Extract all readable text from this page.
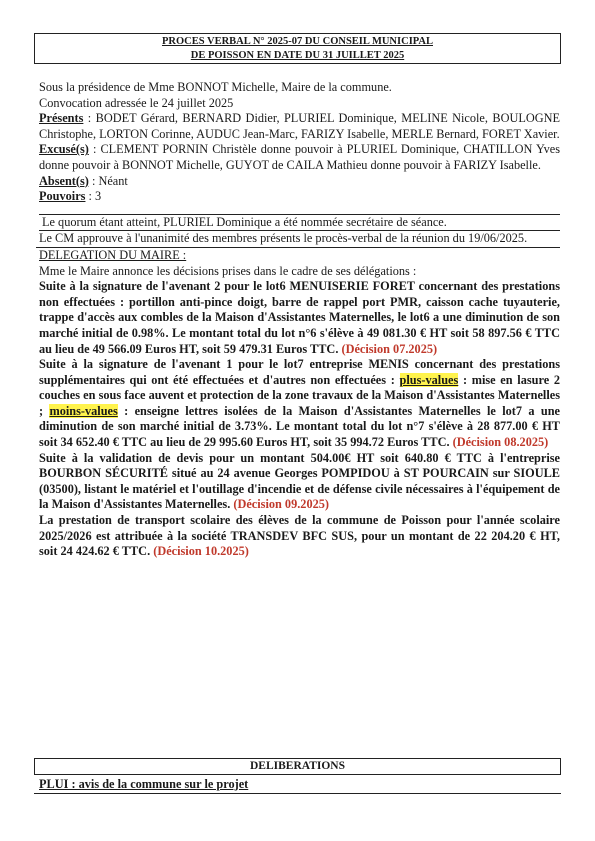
PROCES VERBAL N° 2025-07 DU CONSEIL MUNICIPAL
DE POISSON EN DATE DU 31 JUILLET 2025

Sous la présidence de Mme BONNOT Michelle, Maire de la commune.

Convocation adressée le 24 juillet 2025

Présents : BODET Gérard, BERNARD Didier, PLURIEL Dominique, MELINE Nicole, BOULOGNE Christophe, LORTON Corinne, AUDUC Jean-Marc, FARIZY Isabelle, MERLE Bernard, FORET Xavier.

Excusé(s) : CLEMENT PORNIN Christèle donne pouvoir à PLURIEL Dominique, CHATILLON Yves donne pouvoir à BONNOT Michelle, GUYOT de CAILA Mathieu donne pouvoir à FARIZY Isabelle.

Absent(s) : Néant

Pouvoirs : 3

Le quorum étant atteint, PLURIEL Dominique a été nommée secrétaire de séance.

Le CM approuve à l'unanimité des membres présents le procès-verbal de la réunion du 19/06/2025.

DELEGATION DU MAIRE :

Mme le Maire annonce les décisions prises dans le cadre de ses délégations :

Suite à la signature de l'avenant 2 pour le lot6 MENUISERIE FORET concernant des prestations non effectuées : portillon anti-pince doigt, barre de rappel port PMR, caisson cache tuyauterie, trappe d'accès aux combles de la Maison d'Assistantes Maternelles, le lot6 a une diminution de son marché initial de 0.98%. Le montant total du lot n°6 s'élève à 49 081.30 € HT soit 58 897.56 € TTC au lieu de 49 566.09 Euros HT, soit 59 479.31 Euros TTC. (Décision 07.2025)

Suite à la signature de l'avenant 1 pour le lot7 entreprise MENIS concernant des prestations supplémentaires qui ont été effectuées et d'autres non effectuées : plus-values : mise en lasure 2 couches en sous face auvent et protection de la zone travaux de la Maison d'Assistantes Maternelles ; moins-values : enseigne lettres isolées de la Maison d'Assistantes Maternelles le lot7 a une diminution de son marché initial de 3.73%. Le montant total du lot n°7 s'élève à 28 877.00 € HT soit 34 652.40 € TTC au lieu de 29 995.60 Euros HT, soit 35 994.72 Euros TTC. (Décision 08.2025)

Suite à la validation de devis pour un montant 504.00€ HT soit 640.80 € TTC à l'entreprise BOURBON SÉCURITÉ situé au 24 avenue Georges POMPIDOU à ST POURCAIN sur SIOULE (03500), listant le matériel et l'outillage d'incendie et de défense civile nécessaires à l'équipement de la Maison d'Assistantes Maternelles. (Décision 09.2025)

La prestation de transport scolaire des élèves de la commune de Poisson pour l'année scolaire 2025/2026 est attribuée à la société TRANSDEV BFC SUS, pour un montant de 22 204.20 € HT, soit 24 424.62 € TTC. (Décision 10.2025)

DELIBERATIONS
PLUI : avis de la commune sur le projet
